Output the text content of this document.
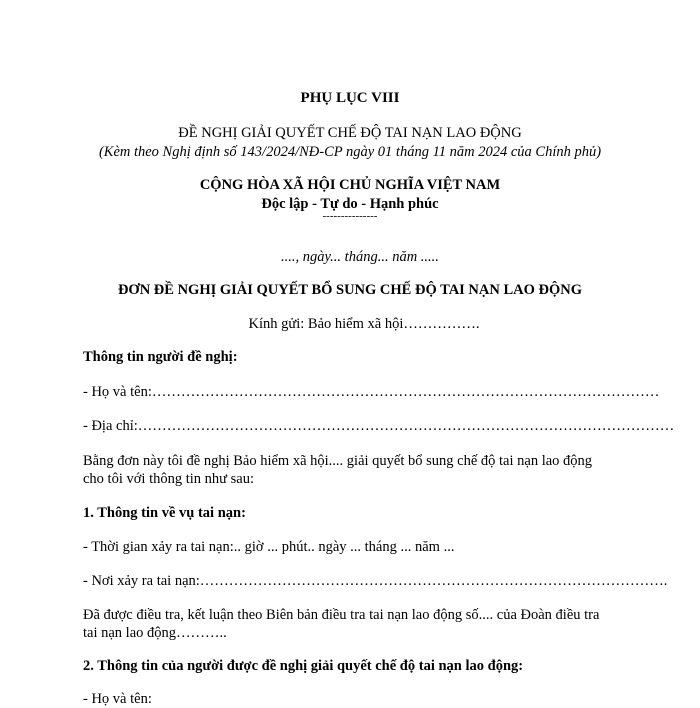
PHỤ LỤC VIII
ĐỀ NGHỊ GIẢI QUYẾT CHẾ ĐỘ TAI NẠN LAO ĐỘNG
(Kèm theo Nghị định số 143/2024/NĐ-CP ngày 01 tháng 11 năm 2024 của Chính phủ)
CỘNG HÒA XÃ HỘI CHỦ NGHĨA VIỆT NAM
Độc lập - Tự do - Hạnh phúc
---------------
...., ngày... tháng... năm .....
ĐƠN ĐỀ NGHỊ GIẢI QUYẾT BỔ SUNG CHẾ ĐỘ TAI NẠN LAO ĐỘNG
Kính gửi: Bảo hiểm xã hội…………….
Thông tin người đề nghị:
- Họ và tên:……………………………………………………………………………………………
- Địa chỉ:…………………………………………………………………………………………………
Bằng đơn này tôi đề nghị Bảo hiểm xã hội.... giải quyết bổ sung chế độ tai nạn lao động
cho tôi với thông tin như sau:
1. Thông tin về vụ tai nạn:
- Thời gian xảy ra tai nạn:.. giờ ... phút.. ngày ... tháng ... năm ...
- Nơi xảy ra tai nạn:…………………………………………………………………………………….
Đã được điều tra, kết luận theo Biên bản điều tra tai nạn lao động số.... của Đoàn điều tra
tai nạn lao động………..
2. Thông tin của người được đề nghị giải quyết chế độ tai nạn lao động:
- Họ và tên:
